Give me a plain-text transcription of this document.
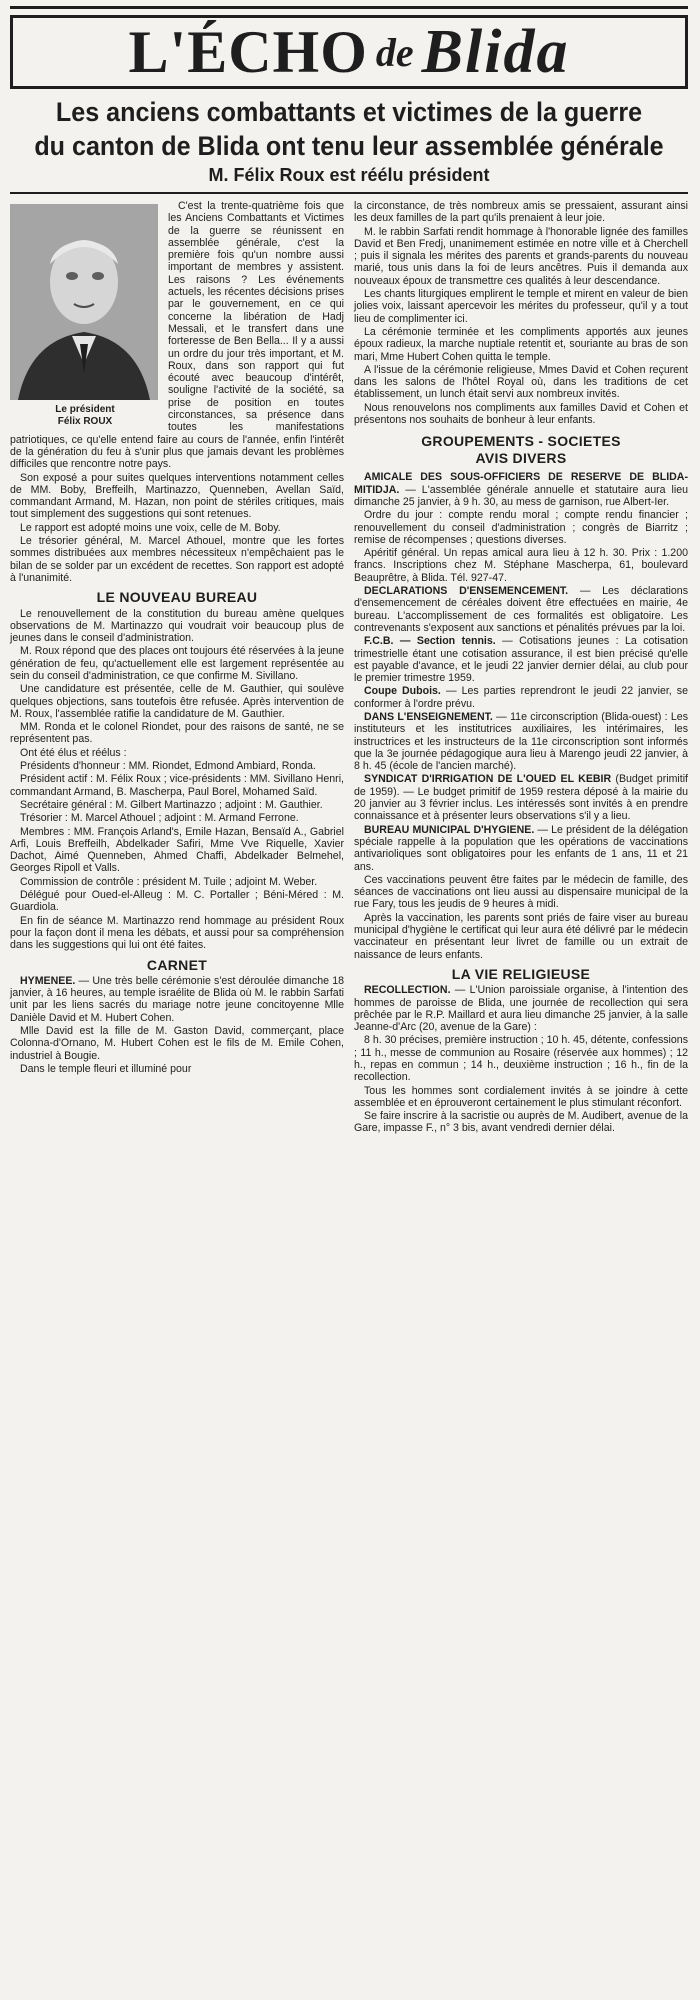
L'ÉCHO de Blida
Les anciens combattants et victimes de la guerre
du canton de Blida ont tenu leur assemblée générale
M. Félix Roux est réélu président
Le président
Félix ROUX

C'est la trente-quatrième fois que les Anciens Combattants et Victimes de la guerre se réunissent en assemblée générale, c'est la première fois qu'un nombre aussi important de membres y assistent. Les raisons ? Les événements actuels, les récentes décisions prises par le gouvernement, en ce qui concerne la libération de Hadj Messali, et le transfert dans une forteresse de Ben Bella... Il y a aussi un ordre du jour très important, et M. Roux, dans son rapport qui fut écouté avec beaucoup d'intérêt, souligne l'activité de la société, sa prise de position en toutes circonstances, sa présence dans toutes les manifestations patriotiques, ce qu'elle entend faire au cours de l'année, enfin l'intérêt de la génération du feu à s'unir plus que jamais devant les problèmes difficiles que rencontre notre pays.

Son exposé a pour suites quelques interventions notamment celles de MM. Boby, Breffeilh, Martinazzo, Quenneben, Avellan Saïd, commandant Armand, M. Hazan, non point de stériles critiques, mais tout simplement des suggestions qui sont retenues.

Le rapport est adopté moins une voix, celle de M. Boby.

Le trésorier général, M. Marcel Athouel, montre que les fortes sommes distribuées aux membres nécessiteux n'empêchaient pas le bilan de se solder par un excédent de recettes. Son rapport est adopté à l'unanimité.

LE NOUVEAU BUREAU

Le renouvellement de la constitution du bureau amène quelques observations de M. Martinazzo qui voudrait voir beaucoup plus de jeunes dans le conseil d'administration.

M. Roux répond que des places ont toujours été réservées à la jeune génération de feu, qu'actuellement elle est largement représentée au sein du conseil d'administration, ce que confirme M. Sivillano.

Une candidature est présentée, celle de M. Gauthier, qui soulève quelques objections, sans toutefois être refusée. Après intervention de M. Roux, l'assemblée ratifie la candidature de M. Gauthier.

MM. Ronda et le colonel Riondet, pour des raisons de santé, ne se représentent pas.

Ont été élus et réélus :

Présidents d'honneur : MM. Riondet, Edmond Ambiard, Ronda.

Président actif : M. Félix Roux ; vice-présidents : MM. Sivillano Henri, commandant Armand, B. Mascherpa, Paul Borel, Mohamed Saïd.

Secrétaire général : M. Gilbert Martinazzo ; adjoint : M. Gauthier.

Trésorier : M. Marcel Athouel ; adjoint : M. Armand Ferrone.

Membres : MM. François Arland's, Emile Hazan, Bensaïd A., Gabriel Arfi, Louis Breffeilh, Abdelkader Safiri, Mme Vve Riquelle, Xavier Dachot, Aimé Quenneben, Ahmed Chaffi, Abdelkader Belmehel, Georges Ripoll et Valls.

Commission de contrôle : président M. Tuile ; adjoint M. Weber.

Délégué pour Oued-el-Alleug : M. C. Portaller ; Béni-Méred : M. Guardiola.

En fin de séance M. Martinazzo rend hommage au président Roux pour la façon dont il mena les débats, et aussi pour sa compréhension dans les suggestions qui lui ont été faites.

CARNET

HYMENEE. — Une très belle cérémonie s'est déroulée dimanche 18 janvier, à 16 heures, au temple israélite de Blida où M. le rabbin Sarfati unit par les liens sacrés du mariage notre jeune concitoyenne Mlle Danièle David et M. Hubert Cohen.

Mlle David est la fille de M. Gaston David, commerçant, place Colonna-d'Ornano, M. Hubert Cohen est le fils de M. Emile Cohen, industriel à Bougie.

Dans le temple fleuri et illuminé pour

la circonstance, de très nombreux amis se pressaient, assurant ainsi les deux familles de la part qu'ils prenaient à leur joie.

M. le rabbin Sarfati rendit hommage à l'honorable lignée des familles David et Ben Fredj, unanimement estimée en notre ville et à Cherchell ; puis il signala les mérites des parents et grands-parents du nouveau marié, tous unis dans la foi de leurs ancêtres. Puis il demanda aux nouveaux époux de transmettre ces qualités à leur descendance.

Les chants liturgiques emplirent le temple et mirent en valeur de bien jolies voix, laissant apercevoir les mérites du professeur, qu'il y a tout lieu de complimenter ici.

La cérémonie terminée et les compliments apportés aux jeunes époux radieux, la marche nuptiale retentit et, souriante au bras de son mari, Mme Hubert Cohen quitta le temple.

A l'issue de la cérémonie religieuse, Mmes David et Cohen reçurent dans les salons de l'hôtel Royal où, dans les traditions de cet établissement, un lunch était servi aux nombreux invités.

Nous renouvelons nos compliments aux familles David et Cohen et présentons nos souhaits de bonheur à leur enfants.

GROUPEMENTS - SOCIETES
AVIS DIVERS

AMICALE DES SOUS-OFFICIERS DE RESERVE DE BLIDA-MITIDJA. — L'assemblée générale annuelle et statutaire aura lieu dimanche 25 janvier, à 9 h. 30, au mess de garnison, rue Albert-Ier.

Ordre du jour : compte rendu moral ; compte rendu financier ; renouvellement du conseil d'administration ; congrès de Biarritz ; remise de récompenses ; questions diverses.

Apéritif général. Un repas amical aura lieu à 12 h. 30. Prix : 1.200 francs. Inscriptions chez M. Stéphane Mascherpa, 61, boulevard Beauprêtre, à Blida. Tél. 927-47.

DECLARATIONS D'ENSEMENCEMENT. — Les déclarations d'ensemencement de céréales doivent être effectuées en mairie, 4e bureau. L'accomplissement de ces formalités est obligatoire. Les contrevenants s'exposent aux sanctions et pénalités prévues par la loi.

F.C.B. — Section tennis. — Cotisations jeunes : La cotisation trimestrielle étant une cotisation assurance, il est bien précisé qu'elle est payable d'avance, et le jeudi 22 janvier dernier délai, au club pour le premier trimestre 1959.

Coupe Dubois. — Les parties reprendront le jeudi 22 janvier, se conformer à l'ordre prévu.

DANS L'ENSEIGNEMENT. — 11e circonscription (Blida-ouest) : Les instituteurs et les institutrices auxiliaires, les intérimaires, les instructrices et les instructeurs de la 11e circonscription sont informés que la 3e journée pédagogique aura lieu à Marengo jeudi 22 janvier, à 8 h. 45 (école de l'ancien marché).

SYNDICAT D'IRRIGATION DE L'OUED EL KEBIR (Budget primitif de 1959). — Le budget primitif de 1959 restera déposé à la mairie du 20 janvier au 3 février inclus. Les intéressés sont invités à en prendre connaissance et à présenter leurs observations s'il y a lieu.

BUREAU MUNICIPAL D'HYGIENE. — Le président de la délégation spéciale rappelle à la population que les opérations de vaccinations antivarioliques sont obligatoires pour les enfants de 1 ans, 11 et 21 ans.

Ces vaccinations peuvent être faites par le médecin de famille, des séances de vaccinations ont lieu aussi au dispensaire municipal de la rue Fary, tous les jeudis de 9 heures à midi.

Après la vaccination, les parents sont priés de faire viser au bureau municipal d'hygiène le certificat qui leur aura été délivré par le médecin vaccinateur en présentant leur livret de famille ou un extrait de naissance de leurs enfants.

LA VIE RELIGIEUSE

RECOLLECTION. — L'Union paroissiale organise, à l'intention des hommes de paroisse de Blida, une journée de recollection qui sera prêchée par le R.P. Maillard et aura lieu dimanche 25 janvier, à la salle Jeanne-d'Arc (20, avenue de la Gare) :

8 h. 30 précises, première instruction ; 10 h. 45, détente, confessions ; 11 h., messe de communion au Rosaire (réservée aux hommes) ; 12 h., repas en commun ; 14 h., deuxième instruction ; 16 h., fin de la recollection.

Tous les hommes sont cordialement invités à se joindre à cette assemblée et en éprouveront certainement le plus stimulant réconfort.

Se faire inscrire à la sacristie ou auprès de M. Audibert, avenue de la Gare, impasse F., n° 3 bis, avant vendredi dernier délai.
